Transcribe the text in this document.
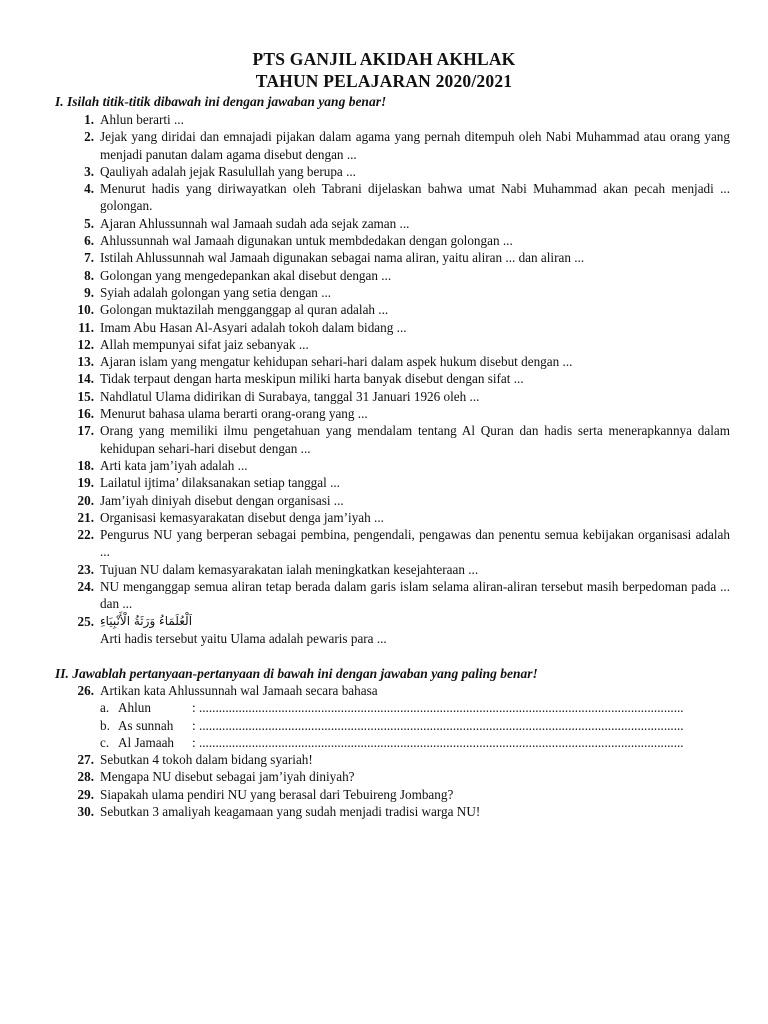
PTS GANJIL AKIDAH AKHLAK
TAHUN PELAJARAN 2020/2021
I. Isilah titik-titik dibawah ini dengan jawaban yang benar!
1. Ahlun berarti ...
2. Jejak yang diridai dan emnajadi pijakan dalam agama yang pernah ditempuh oleh Nabi Muhammad atau orang yang menjadi panutan dalam agama disebut dengan ...
3. Qauliyah adalah jejak Rasulullah yang berupa ...
4. Menurut hadis yang diriwayatkan oleh Tabrani dijelaskan bahwa umat Nabi Muhammad akan pecah menjadi ... golongan.
5. Ajaran Ahlussunnah wal Jamaah sudah ada sejak zaman ...
6. Ahlussunnah wal Jamaah digunakan untuk membdedakan dengan golongan ...
7. Istilah Ahlussunnah wal Jamaah digunakan sebagai nama aliran, yaitu aliran ... dan aliran ...
8. Golongan yang mengedepankan akal disebut dengan ...
9. Syiah adalah golongan yang setia dengan ...
10. Golongan muktazilah mengganggap al quran adalah ...
11. Imam Abu Hasan Al-Asyari adalah tokoh dalam bidang ...
12. Allah mempunyai sifat jaiz sebanyak ...
13. Ajaran islam yang mengatur kehidupan sehari-hari dalam aspek hukum disebut dengan ...
14. Tidak terpaut dengan harta meskipun miliki harta banyak disebut dengan sifat ...
15. Nahdlatul Ulama didirikan di Surabaya, tanggal 31 Januari 1926 oleh ...
16. Menurut bahasa ulama berarti orang-orang yang ...
17. Orang yang memiliki ilmu pengetahuan yang mendalam tentang Al Quran dan hadis serta menerapkannya dalam kehidupan sehari-hari disebut dengan ...
18. Arti kata jam’iyah adalah ...
19. Lailatul ijtima’ dilaksanakan setiap tanggal ...
20. Jam’iyah diniyah disebut dengan organisasi ...
21. Organisasi kemasyarakatan disebut denga jam’iyah ...
22. Pengurus NU yang berperan sebagai pembina, pengendali, pengawas dan penentu semua kebijakan organisasi adalah ...
23. Tujuan NU dalam kemasyarakatan ialah meningkatkan kesejahteraan ...
24. NU menganggap semua aliran tetap berada dalam garis islam selama aliran-aliran tersebut masih berpedoman pada ... dan ...
25. اَلْعُلَمَاءُ وَرَثَةُ الْأَنْبِيَاءِ
Arti hadis tersebut yaitu Ulama adalah pewaris para ...
II. Jawablah pertanyaan-pertanyaan di bawah ini dengan jawaban yang paling benar!
26. Artikan kata Ahlussunnah wal Jamaah secara bahasa
a. Ahlun	: ...................................................................................................................................................
b. As sunnah : ...................................................................................................................................................
c. Al Jamaah : ...................................................................................................................................................
27. Sebutkan 4 tokoh dalam bidang syariah!
28. Mengapa NU disebut sebagai jam’iyah diniyah?
29. Siapakah ulama pendiri NU yang berasal dari Tebuireng Jombang?
30. Sebutkan 3 amaliyah keagamaan yang sudah menjadi tradisi warga NU!
